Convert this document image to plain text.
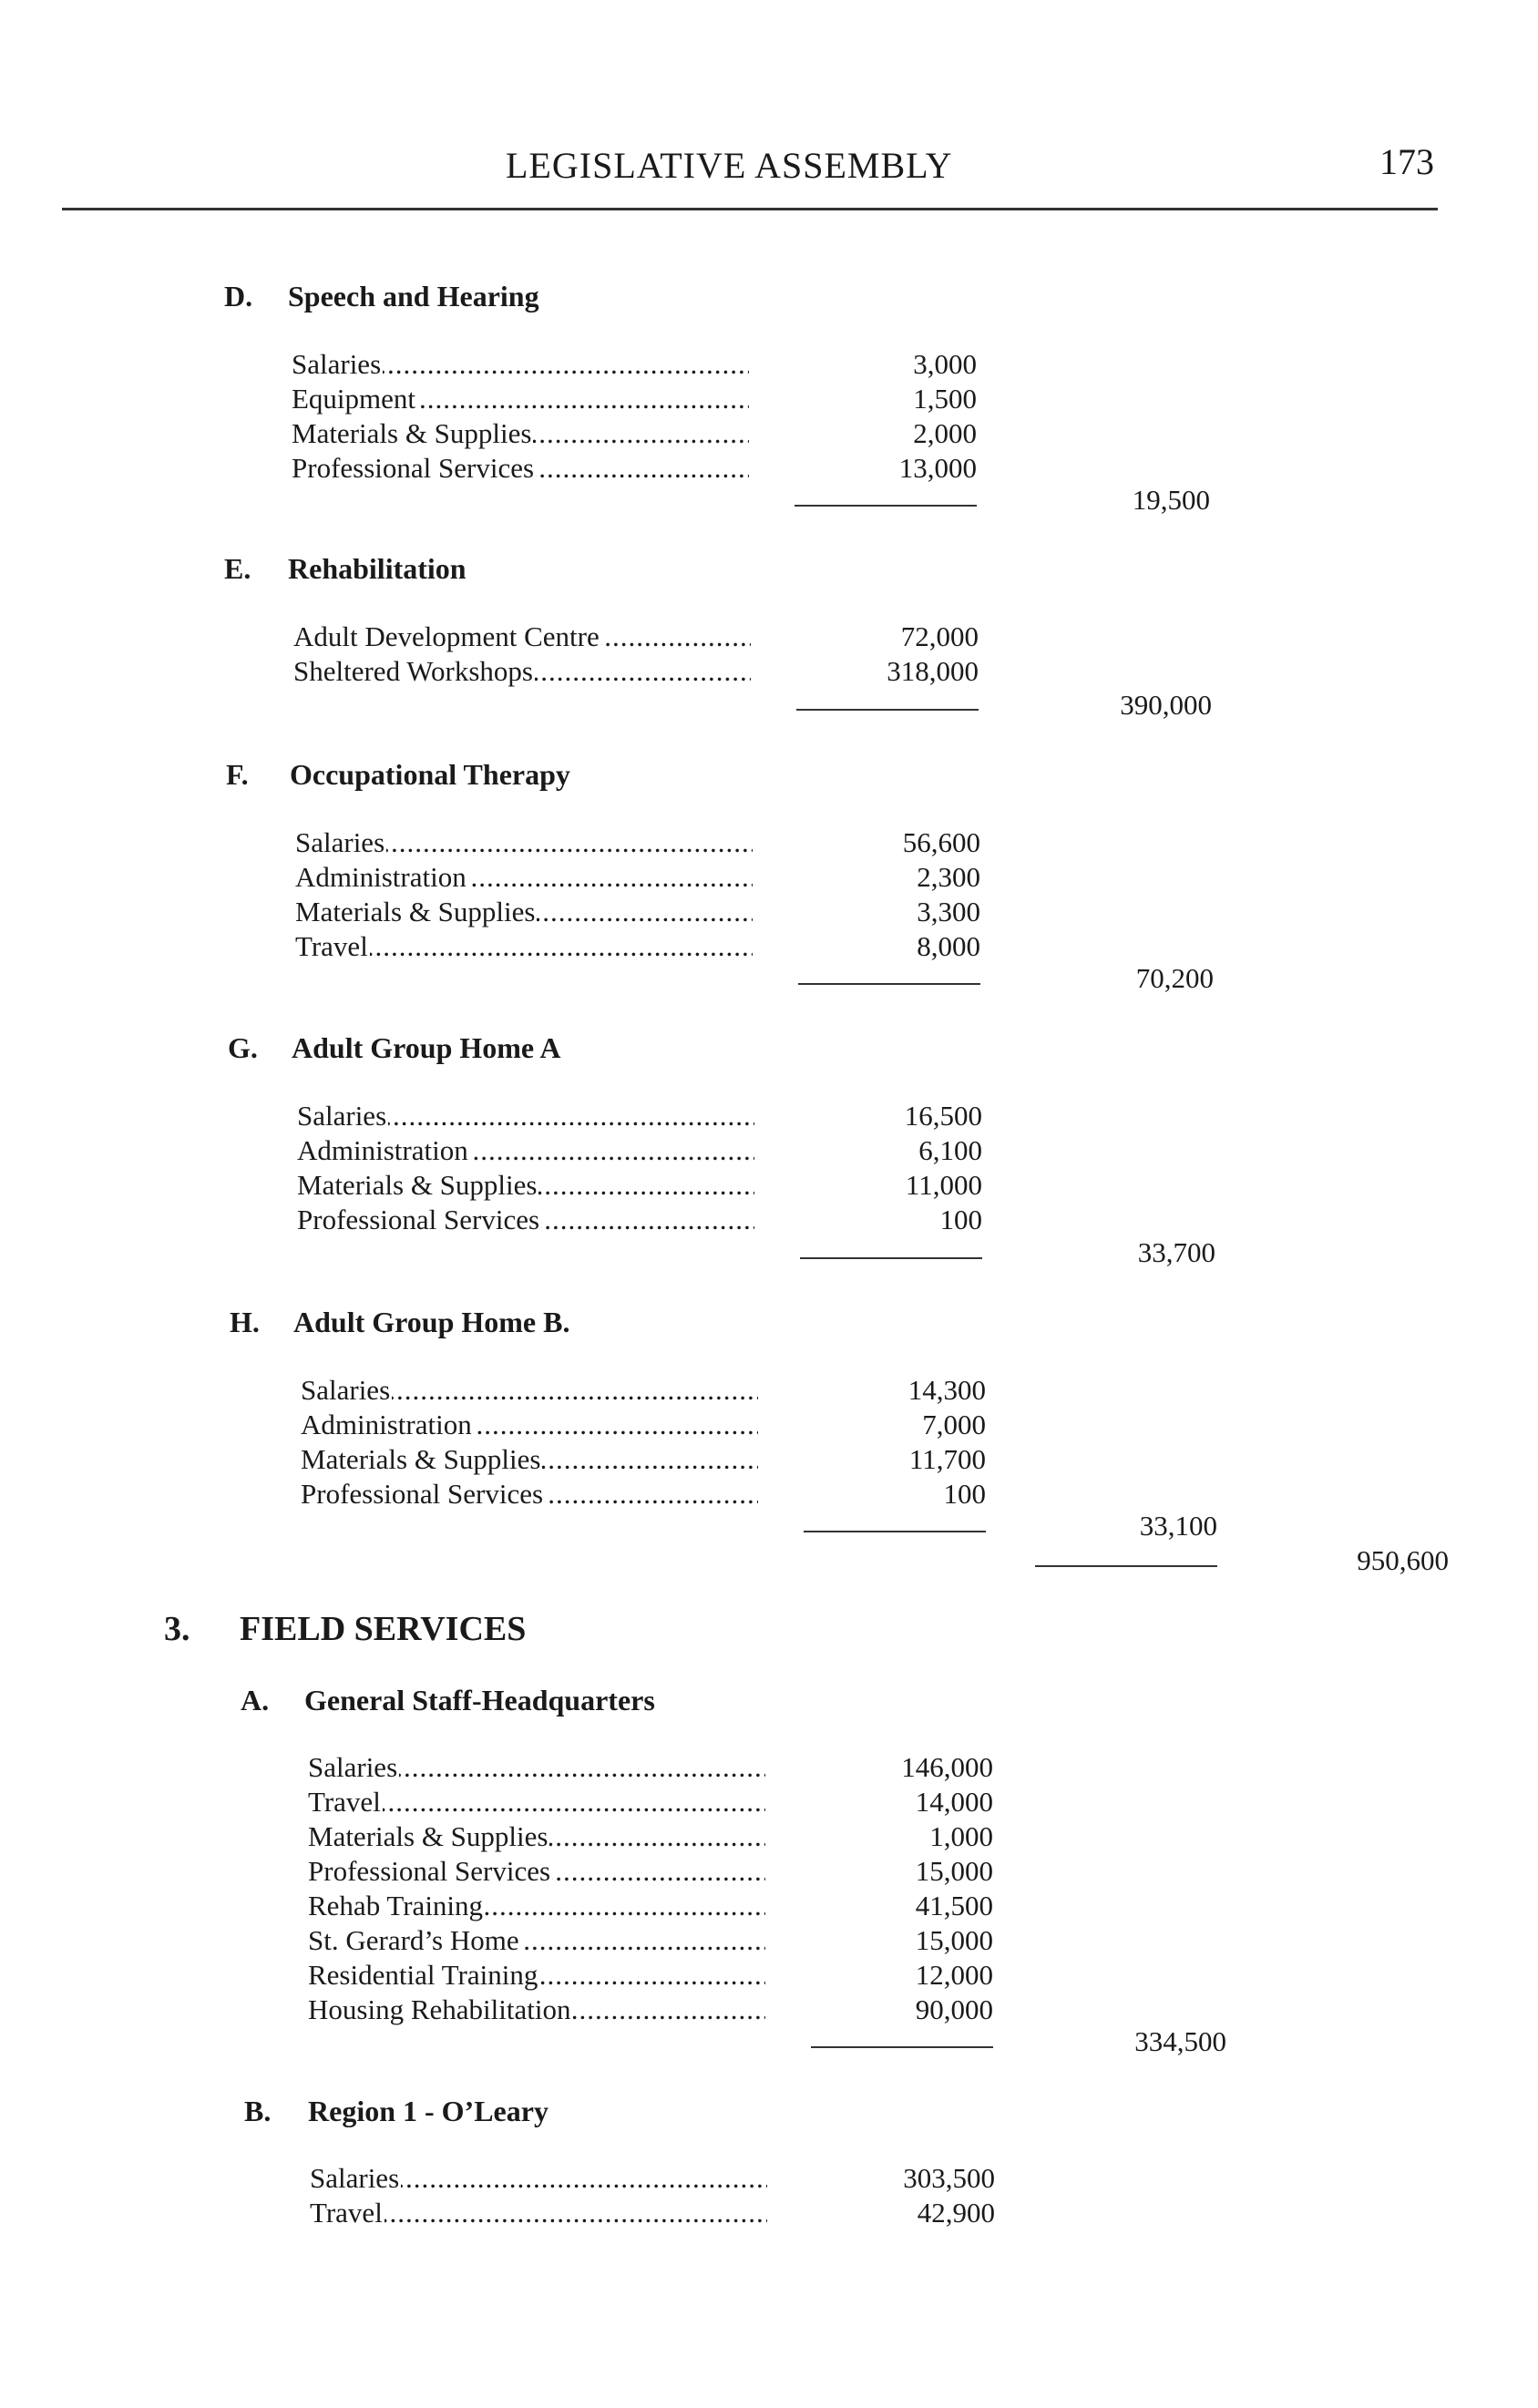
LEGISLATIVE ASSEMBLY	173
D. Speech and Hearing
Salaries .....	3,000
Equipment .....	1,500
Materials & Supplies .....	2,000
Professional Services .....	13,000
19,500
E. Rehabilitation
Adult Development Centre .....	72,000
Sheltered Workshops .....	318,000
390,000
F. Occupational Therapy
Salaries .....	56,600
Administration .....	2,300
Materials & Supplies .....	3,300
Travel .....	8,000
70,200
G. Adult Group Home A
Salaries .....	16,500
Administration .....	6,100
Materials & Supplies .....	11,000
Professional Services .....	100
33,700
H. Adult Group Home B.
Salaries .....	14,300
Administration .....	7,000
Materials & Supplies .....	11,700
Professional Services .....	100
33,100
950,600
3. FIELD SERVICES
A. General Staff-Headquarters
Salaries .....	146,000
Travel .....	14,000
Materials & Supplies .....	1,000
Professional Services .....	15,000
Rehab Training .....	41,500
St. Gerard’s Home .....	15,000
Residential Training .....	12,000
Housing Rehabilitation .....	90,000
334,500
B. Region 1 - O’Leary
Salaries .....	303,500
Travel .....	42,900
